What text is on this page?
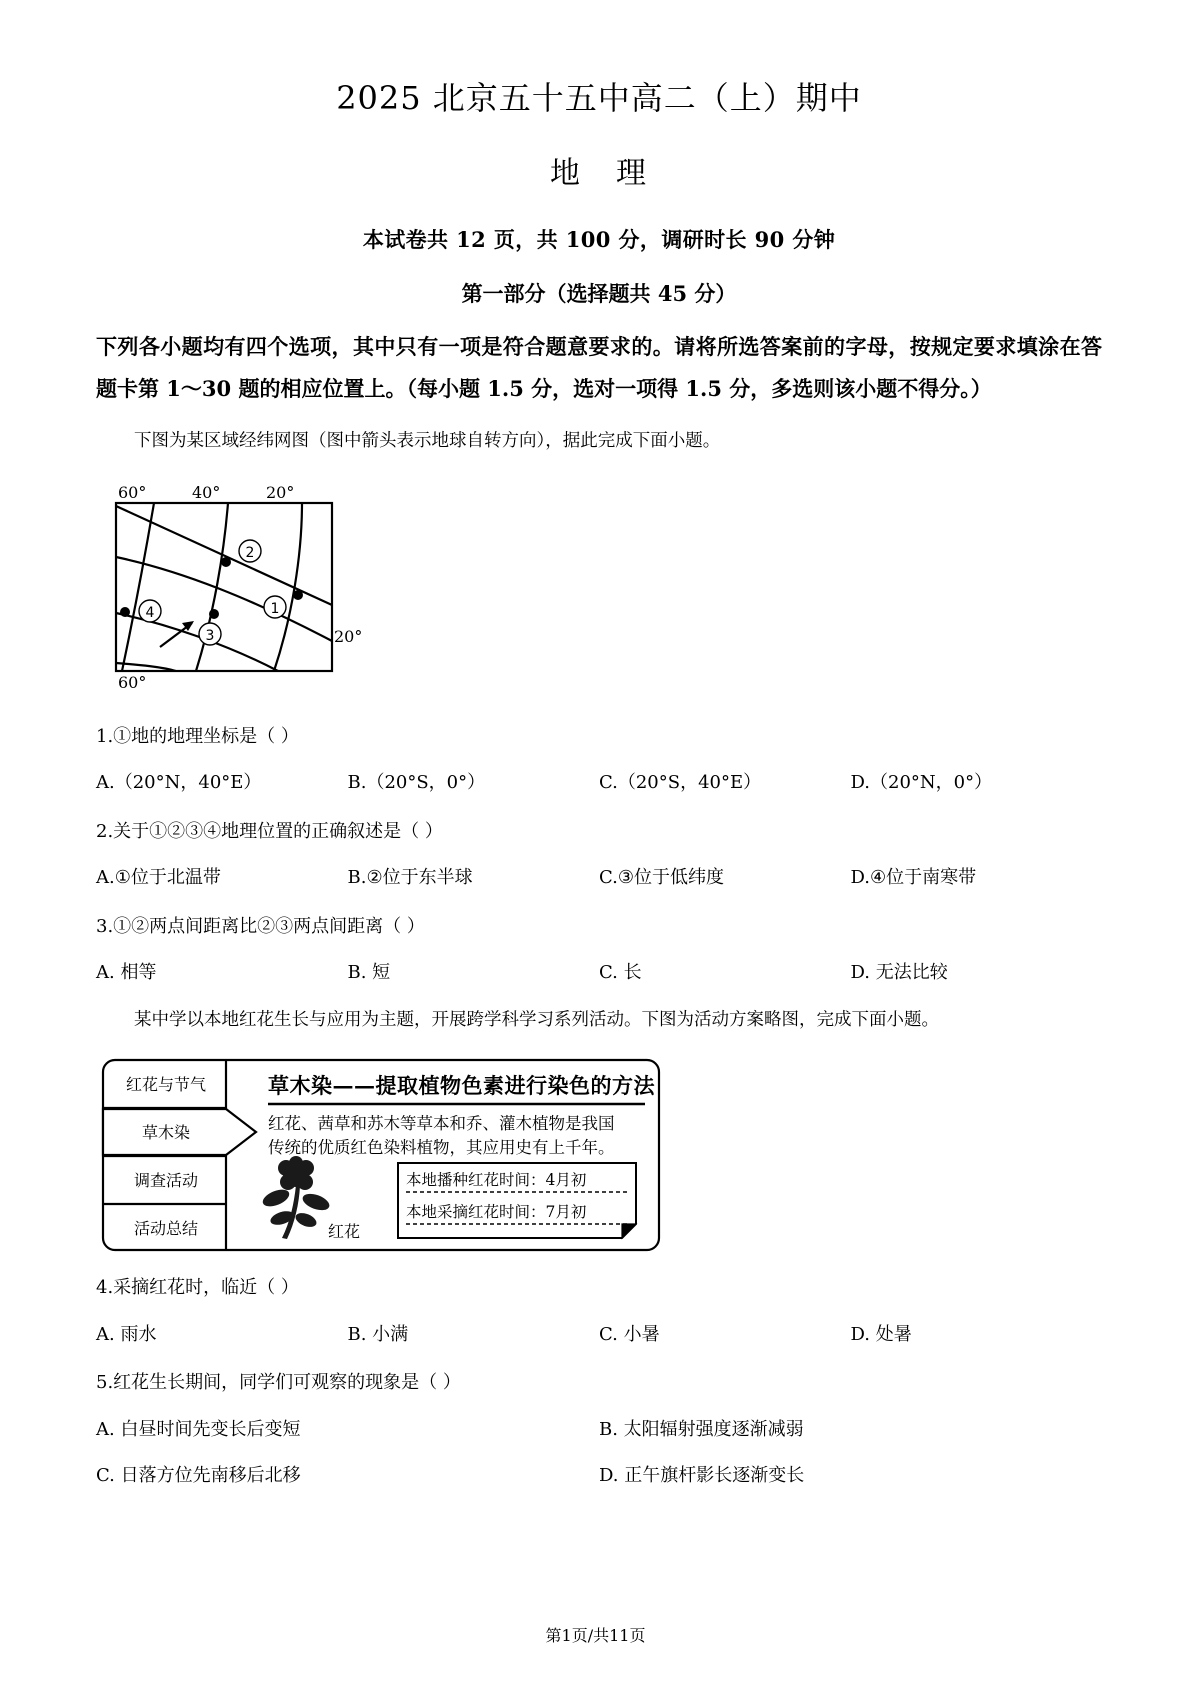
2025 北京五十五中高二（上）期中
地 理
本试卷共 12 页，共 100 分，调研时长 90 分钟
第一部分（选择题共 45 分）
下列各小题均有四个选项，其中只有一项是符合题意要求的。请将所选答案前的字母，按规定要求填涂在答题卡第 1～30 题的相应位置上。（每小题 1.5 分，选对一项得 1.5 分，多选则该小题不得分。）
下图为某区域经纬网图（图中箭头表示地球自转方向），据此完成下面小题。
1
2
3
4
60°	40°	20°
20°
60°
1.①地的地理坐标是（ ）
A.（20°N，40°E）	B.（20°S，0°）	C.（20°S，40°E）	D.（20°N，0°）
2.关于①②③④地理位置的正确叙述是（ ）
A.①位于北温带	B.②位于东半球	C.③位于低纬度	D.④位于南寒带
3.①②两点间距离比②③两点间距离（ ）
A. 相等	B. 短	C. 长	D. 无法比较
某中学以本地红花生长与应用为主题，开展跨学科学习系列活动。下图为活动方案略图，完成下面小题。
红花与节气
草木染
调查活动
活动总结
草木染——提取植物色素进行染色的方法
红花、茜草和苏木等草本和乔、灌木植物是我国
传统的优质红色染料植物，其应用史有上千年。
红花
本地播种红花时间：4月初
本地采摘红花时间：7月初
4.采摘红花时，临近（ ）
A. 雨水	B. 小满	C. 小暑	D. 处暑
5.红花生长期间，同学们可观察的现象是（ ）
A. 白昼时间先变长后变短	B. 太阳辐射强度逐渐减弱
C. 日落方位先南移后北移	D. 正午旗杆影长逐渐变长
第1页/共11页
